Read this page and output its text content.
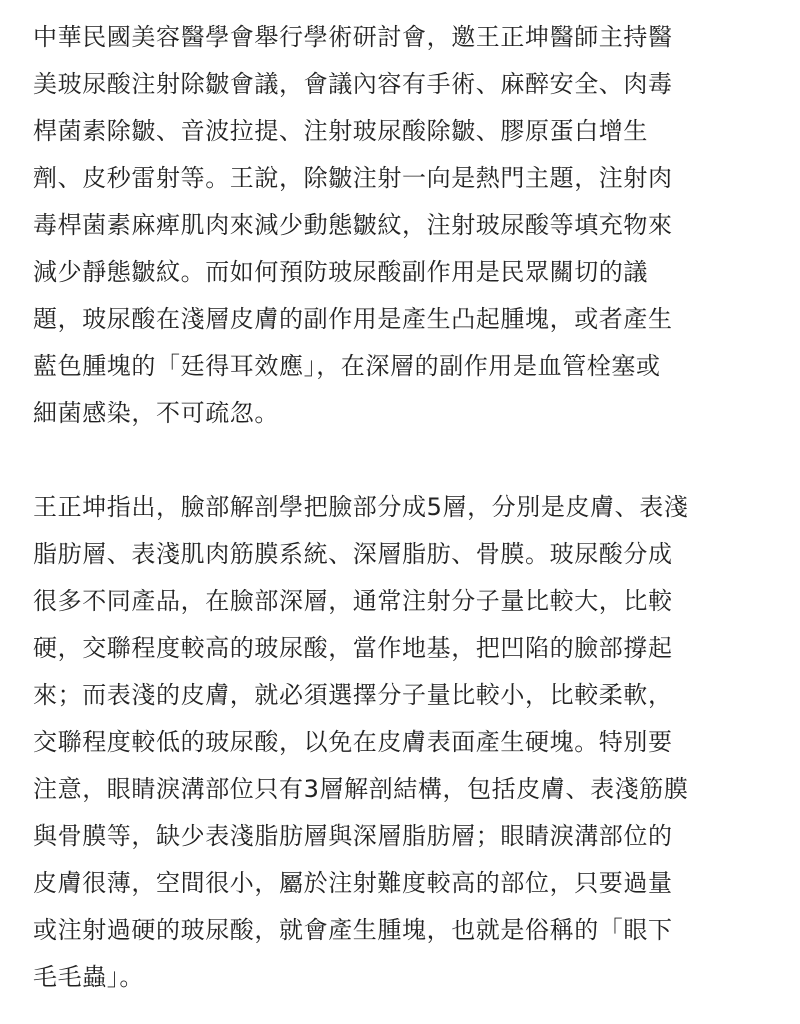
中華民國美容醫學會舉行學術研討會，邀王正坤醫師主持醫
美玻尿酸注射除皺會議，會議內容有手術、麻醉安全、肉毒
桿菌素除皺、音波拉提、注射玻尿酸除皺、膠原蛋白增生
劑、皮秒雷射等。王說，除皺注射一向是熱門主題，注射肉
毒桿菌素麻痺肌肉來減少動態皺紋，注射玻尿酸等填充物來
減少靜態皺紋。而如何預防玻尿酸副作用是民眾關切的議
題，玻尿酸在淺層皮膚的副作用是產生凸起腫塊，或者產生
藍色腫塊的「廷得耳效應」，在深層的副作用是血管栓塞或
細菌感染，不可疏忽。

王正坤指出，臉部解剖學把臉部分成5層，分別是皮膚、表淺
脂肪層、表淺肌肉筋膜系統、深層脂肪、骨膜。玻尿酸分成
很多不同產品，在臉部深層，通常注射分子量比較大，比較
硬，交聯程度較高的玻尿酸，當作地基，把凹陷的臉部撐起
來；而表淺的皮膚，就必須選擇分子量比較小，比較柔軟，
交聯程度較低的玻尿酸，以免在皮膚表面產生硬塊。特別要
注意，眼睛淚溝部位只有3層解剖結構，包括皮膚、表淺筋膜
與骨膜等，缺少表淺脂肪層與深層脂肪層；眼睛淚溝部位的
皮膚很薄，空間很小，屬於注射難度較高的部位，只要過量
或注射過硬的玻尿酸，就會產生腫塊，也就是俗稱的「眼下
毛毛蟲」。
